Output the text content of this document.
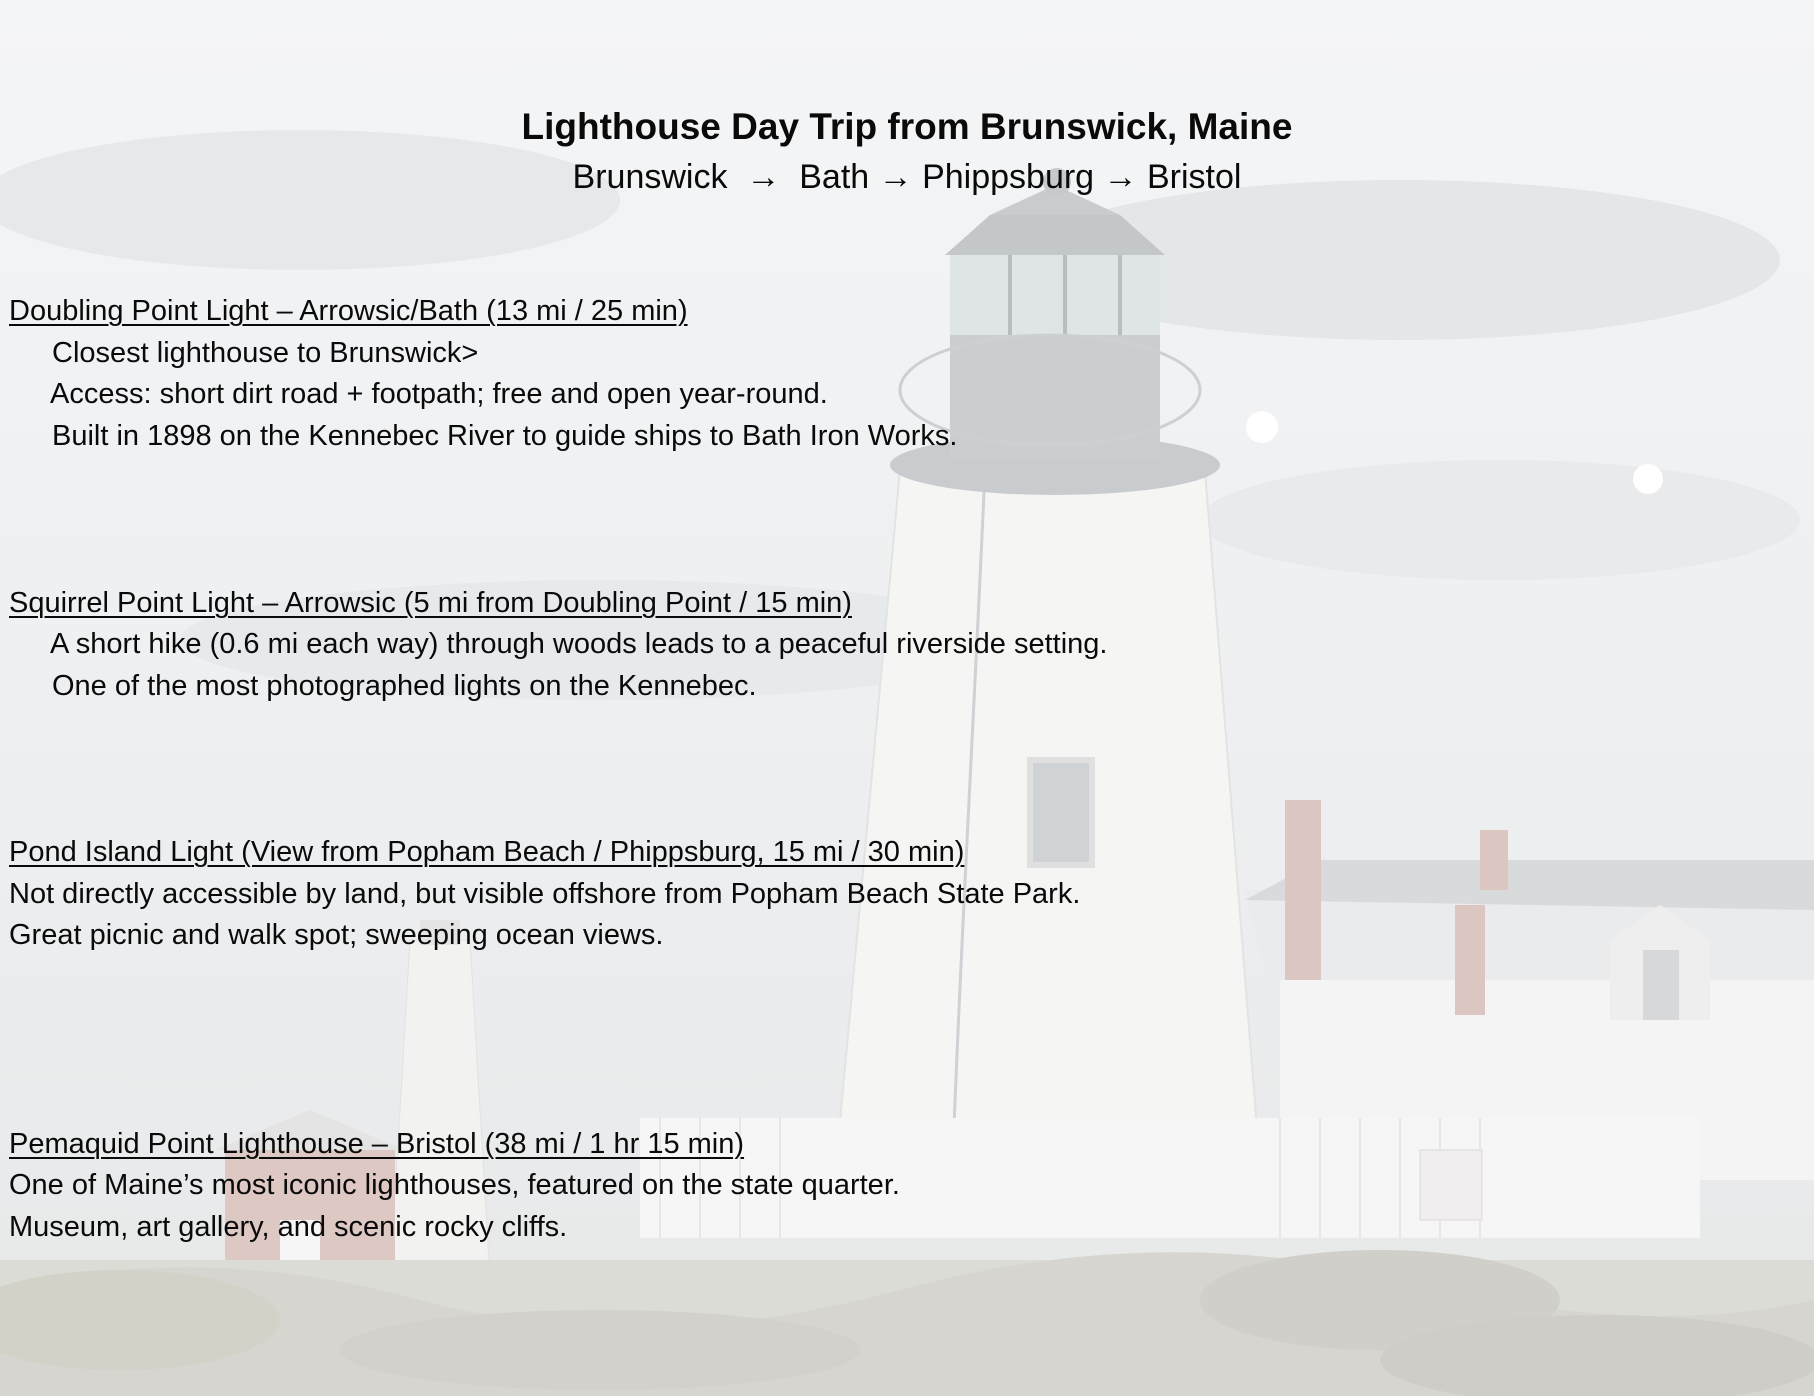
Lighthouse Day Trip from Brunswick, Maine

Brunswick  →  Bath → Phippsburg → Bristol

Doubling Point Light – Arrowsic/Bath (13 mi / 25 min)

Closest lighthouse to Brunswick>

Access: short dirt road + footpath; free and open year-round.

Built in 1898 on the Kennebec River to guide ships to Bath Iron Works.

Squirrel Point Light – Arrowsic (5 mi from Doubling Point / 15 min)

A short hike (0.6 mi each way) through woods leads to a peaceful riverside setting.

One of the most photographed lights on the Kennebec.

Pond Island Light (View from Popham Beach / Phippsburg, 15 mi / 30 min)

Not directly accessible by land, but visible offshore from Popham Beach State Park.

Great picnic and walk spot; sweeping ocean views.

Pemaquid Point Lighthouse – Bristol (38 mi / 1 hr 15 min)

One of Maine’s most iconic lighthouses, featured on the state quarter.

Museum, art gallery, and scenic rocky cliffs.
